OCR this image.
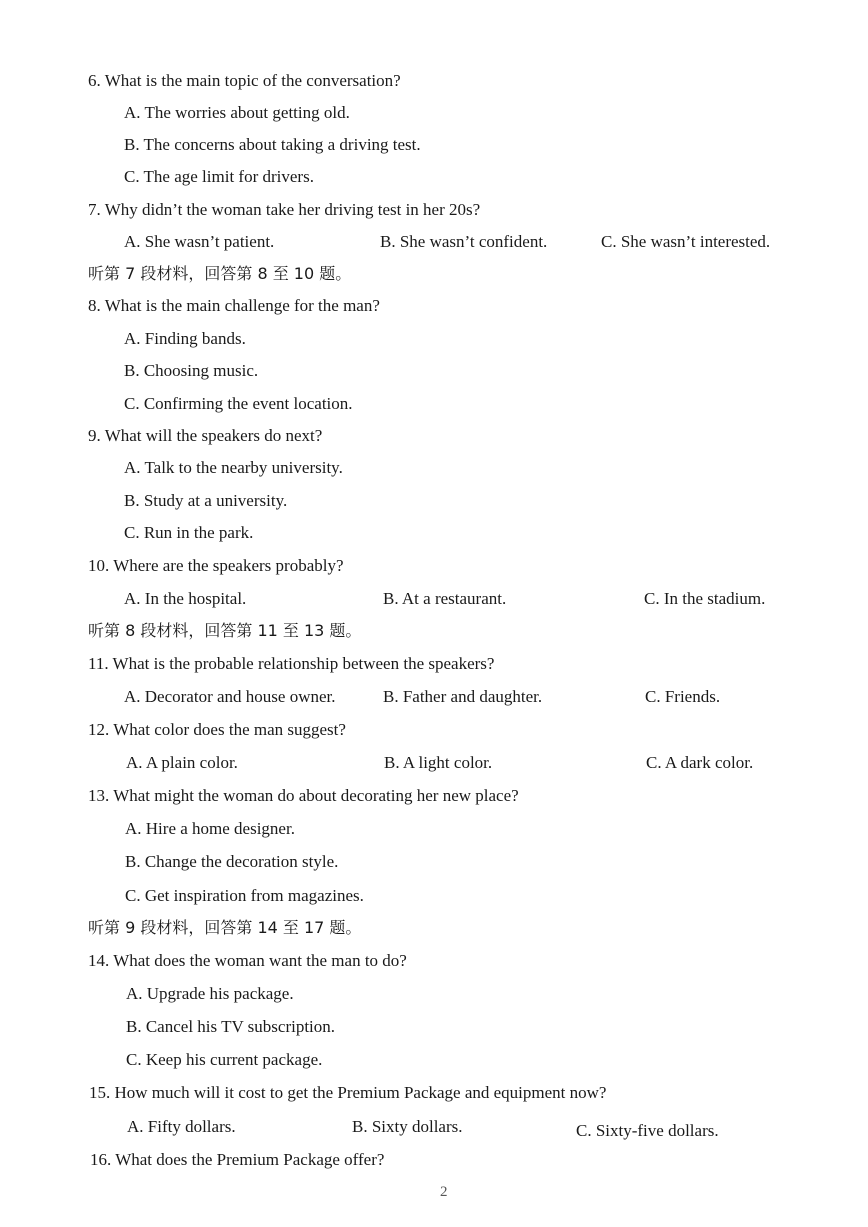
6. What is the main topic of the conversation?
A. The worries about getting old.
B. The concerns about taking a driving test.
C. The age limit for drivers.
7. Why didn’t the woman take her driving test in her 20s?
A. She wasn’t patient.	B. She wasn’t confident.	C. She wasn’t interested.
听第 7 段材料，回答第 8 至 10 题。
8. What is the main challenge for the man?
A. Finding bands.
B. Choosing music.
C. Confirming the event location.
9. What will the speakers do next?
A. Talk to the nearby university.
B. Study at a university.
C. Run in the park.
10. Where are the speakers probably?
A. In the hospital.	B. At a restaurant.	C. In the stadium.
听第 8 段材料，回答第 11 至 13 题。
11. What is the probable relationship between the speakers?
A. Decorator and house owner.	B. Father and daughter.	C. Friends.
12. What color does the man suggest?
A. A plain color.	B. A light color.	C. A dark color.
13. What might the woman do about decorating her new place?
A. Hire a home designer.
B. Change the decoration style.
C. Get inspiration from magazines.
听第 9 段材料，回答第 14 至 17 题。
14. What does the woman want the man to do?
A. Upgrade his package.
B. Cancel his TV subscription.
C. Keep his current package.
15. How much will it cost to get the Premium Package and equipment now?
A. Fifty dollars.	B. Sixty dollars.	C. Sixty-five dollars.
16. What does the Premium Package offer?
2
